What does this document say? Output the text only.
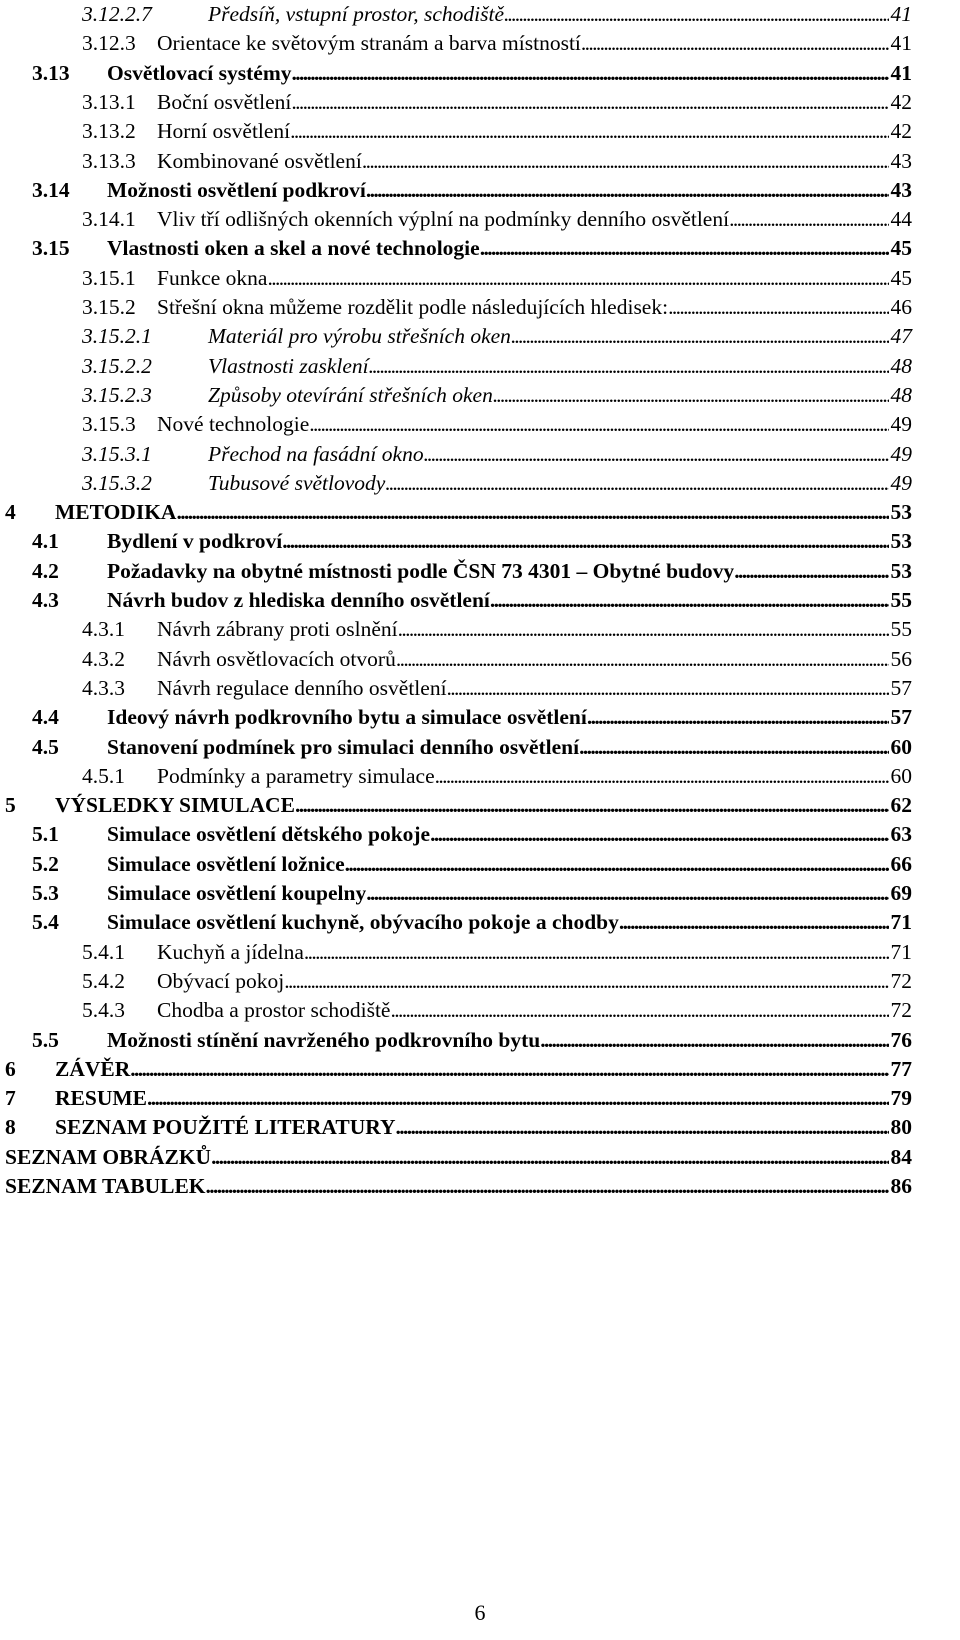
3.12.2.7	Předsíň, vstupní prostor, schodiště . . .	41
3.12.3 Orientace ke světovým stranám a barva místností . . .	41
3.13 Osvětlovací systémy . . .	41
3.13.1 Boční osvětlení . . .	42
3.13.2 Horní osvětlení . . .	42
3.13.3 Kombinované osvětlení . . .	43
3.14 Možnosti osvětlení podkroví . . .	43
3.14.1 Vliv tří odlišných okenních výplní na podmínky denního osvětlení . . .	44
3.15 Vlastnosti oken a skel a nové technologie . . .	45
3.15.1 Funkce okna . . .	45
3.15.2 Střešní okna můžeme rozdělit podle následujících hledisek: . . .	46
3.15.2.1	Materiál pro výrobu střešních oken . . .	47
3.15.2.2	Vlastnosti zasklení . . .	48
3.15.2.3	Způsoby otevírání střešních oken . . .	48
3.15.3 Nové technologie . . .	49
3.15.3.1	Přechod na fasádní okno . . .	49
3.15.3.2	Tubusové světlovody . . .	49
4 METODIKA . . .	53
4.1 Bydlení v podkroví . . .	53
4.2 Požadavky na obytné místnosti podle ČSN 73 4301 – Obytné budovy . . .	53
4.3 Návrh budov z hlediska denního osvětlení . . .	55
4.3.1 Návrh zábrany proti oslnění . . .	55
4.3.2 Návrh osvětlovacích otvorů . . .	56
4.3.3 Návrh regulace denního osvětlení . . .	57
4.4 Ideový návrh podkrovního bytu a simulace osvětlení . . .	57
4.5 Stanovení podmínek pro simulaci denního osvětlení . . .	60
4.5.1 Podmínky a parametry simulace . . .	60
5 VÝSLEDKY SIMULACE . . .	62
5.1 Simulace osvětlení dětského pokoje . . .	63
5.2 Simulace osvětlení ložnice . . .	66
5.3 Simulace osvětlení koupelny . . .	69
5.4 Simulace osvětlení kuchyně, obývacího pokoje a chodby . . .	71
5.4.1 Kuchyň a jídelna . . .	71
5.4.2 Obývací pokoj . . .	72
5.4.3 Chodba a prostor schodiště . . .	72
5.5 Možnosti stínění navrženého podkrovního bytu . . .	76
6 ZÁVĚR . . .	77
7 RESUME . . .	79
8 SEZNAM POUŽITÉ LITERATURY . . .	80
SEZNAM OBRÁZKŮ . . .	84
SEZNAM TABULEK . . .	86
6
